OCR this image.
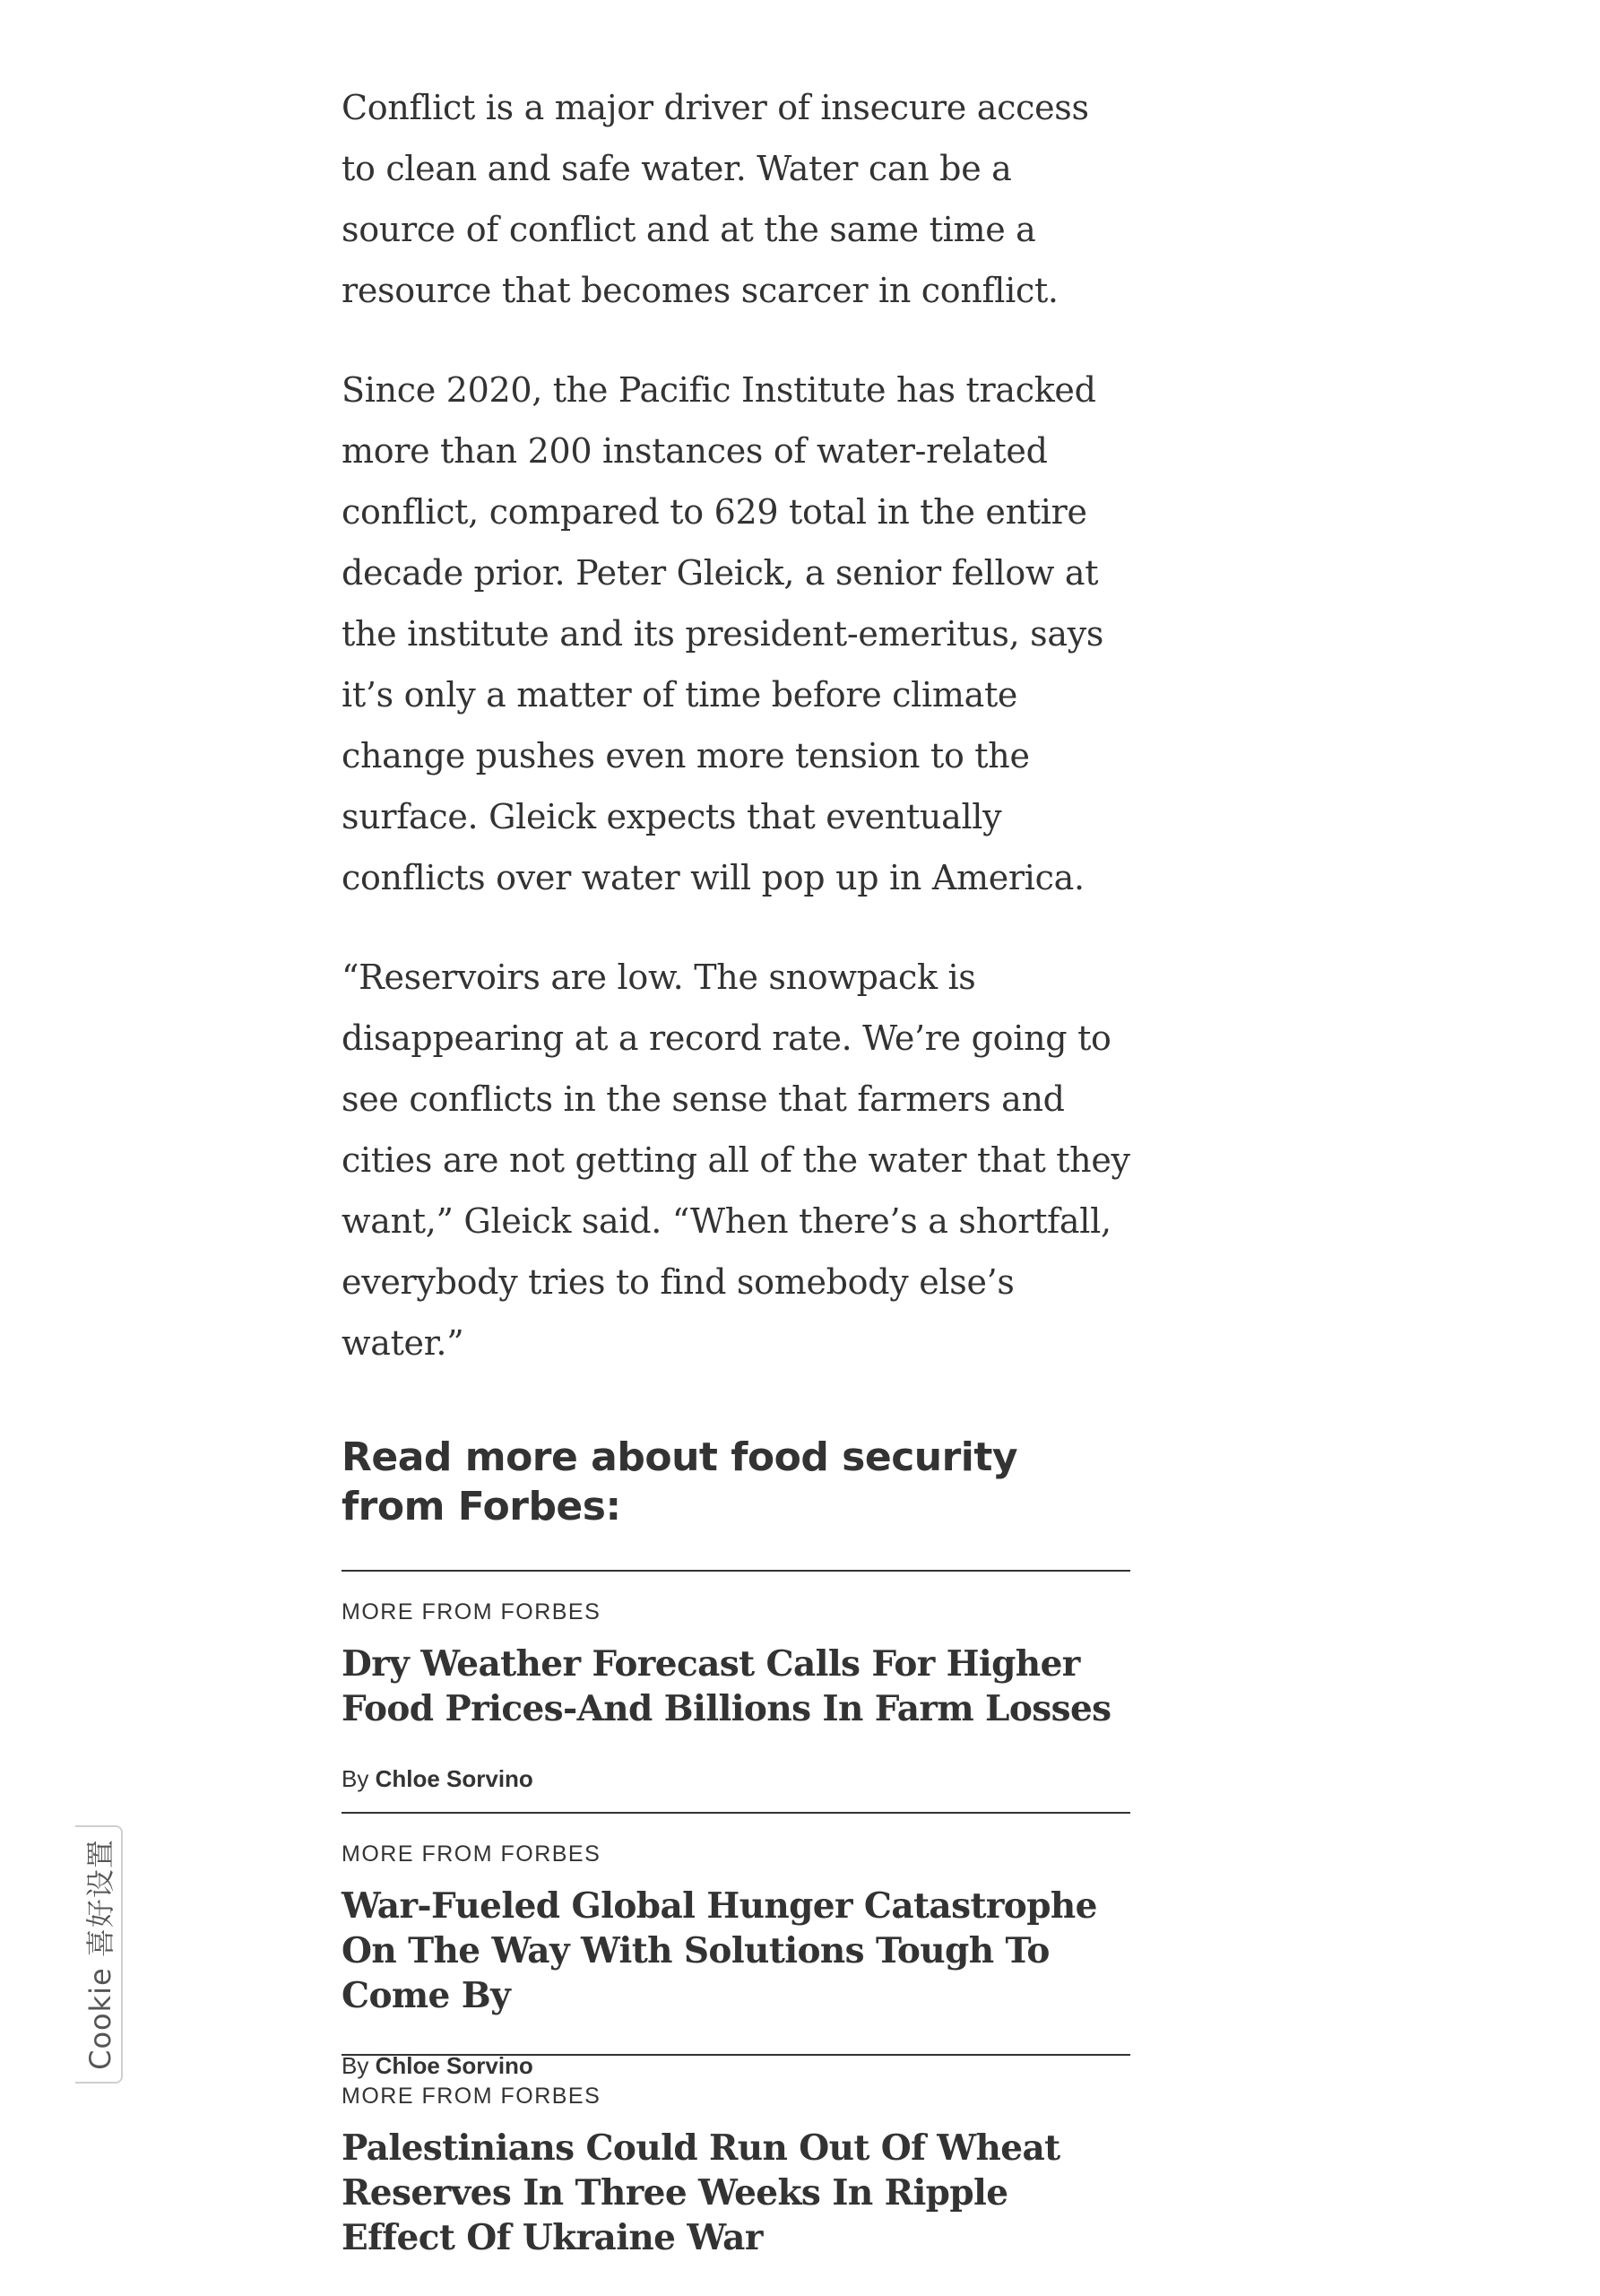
Conflict is a major driver of insecure access to clean and safe water. Water can be a source of conflict and at the same time a resource that becomes scarcer in conflict.

Since 2020, the Pacific Institute has tracked more than 200 instances of water-related conflict, compared to 629 total in the entire decade prior. Peter Gleick, a senior fellow at the institute and its president-emeritus, says it’s only a matter of time before climate change pushes even more tension to the surface. Gleick expects that eventually conflicts over water will pop up in America.

“Reservoirs are low. The snowpack is disappearing at a record rate. We’re going to see conflicts in the sense that farmers and cities are not getting all of the water that they want,” Gleick said. “When there’s a shortfall, everybody tries to find somebody else’s water.”

Read more about food security from Forbes:
MORE FROM FORBES
Dry Weather Forecast Calls For Higher Food Prices-And Billions In Farm Losses
By Chloe Sorvino
MORE FROM FORBES
War-Fueled Global Hunger Catastrophe On The Way With Solutions Tough To Come By
By Chloe Sorvino
MORE FROM FORBES
Palestinians Could Run Out Of Wheat Reserves In Three Weeks In Ripple Effect Of Ukraine War
Cookie 喜好设置
